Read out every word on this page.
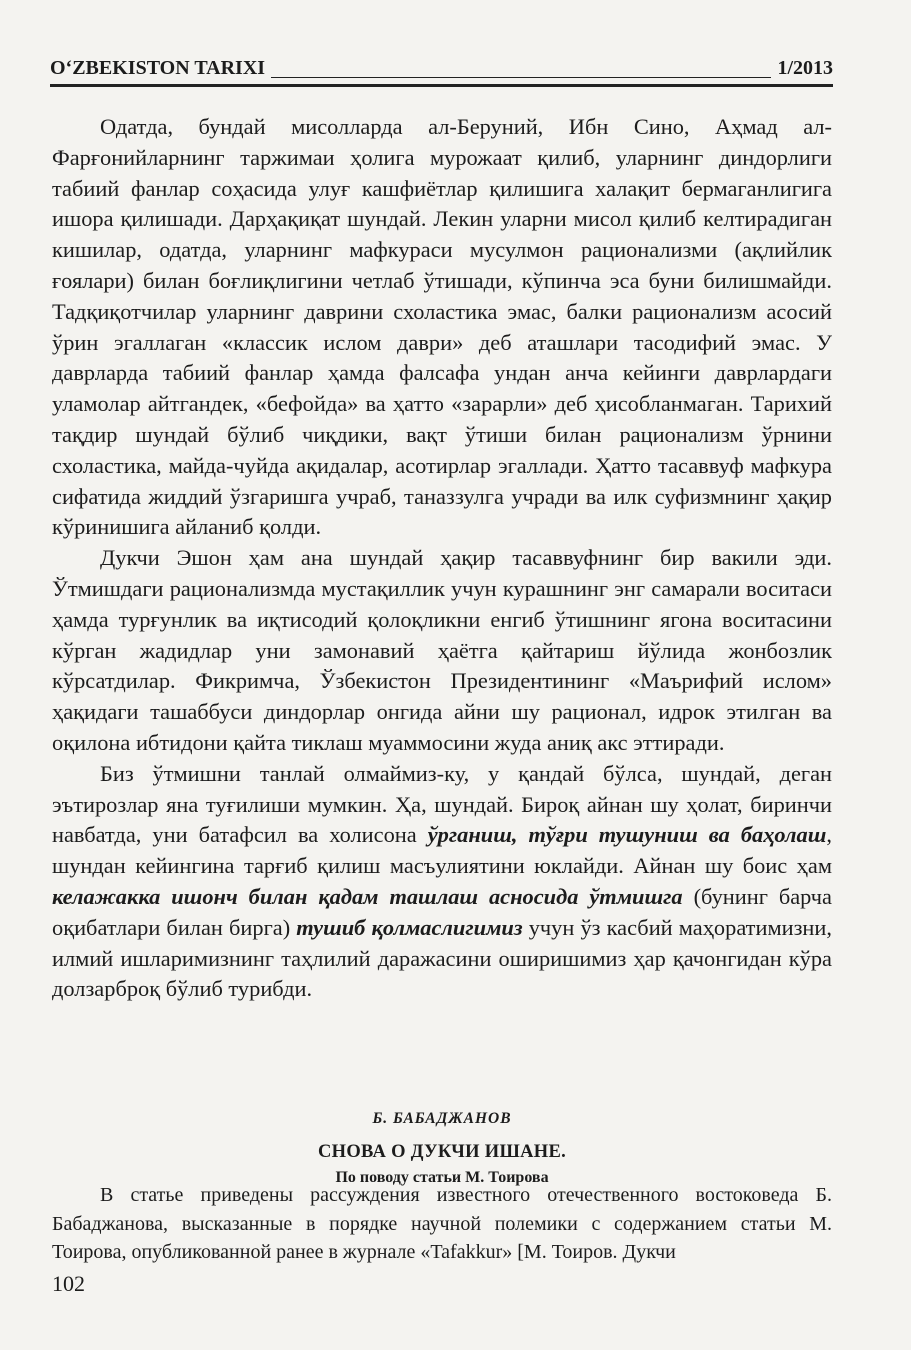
O‘ZBEKISTON TARIXI	1/2013

Одатда, бундай мисолларда ал-Беруний, Ибн Сино, Аҳмад ал-Фарғонийларнинг таржимаи ҳолига мурожаат қилиб, уларнинг диндорлиги табиий фанлар соҳасида улуғ кашфиётлар қилишига халақит бермаганлигига ишора қилишади. Дарҳақиқат шундай. Лекин уларни мисол қилиб келтирадиган кишилар, одатда, уларнинг мафкураси мусулмон рационализми (ақлийлик ғоялари) билан боғлиқлигини четлаб ўтишади, кўпинча эса буни билишмайди. Тадқиқотчилар уларнинг даврини схоластика эмас, балки рационализм асосий ўрин эгаллаган «классик ислом даври» деб аташлари тасодифий эмас. У даврларда табиий фанлар ҳамда фалсафа ундан анча кейинги даврлардаги уламолар айтгандек, «бефойда» ва ҳатто «зарарли» деб ҳисобланмаган. Тарихий тақдир шундай бўлиб чиқдики, вақт ўтиши билан рационализм ўрнини схоластика, майда-чуйда ақидалар, асотирлар эгаллади. Ҳатто тасаввуф мафкура сифатида жиддий ўзгаришга учраб, таназзулга учради ва илк суфизмнинг ҳақир кўринишига айланиб қолди.

Дукчи Эшон ҳам ана шундай ҳақир тасаввуфнинг бир вакили эди. Ўтмишдаги рационализмда мустақиллик учун курашнинг энг самарали воситаси ҳамда турғунлик ва иқтисодий қолоқликни енгиб ўтишнинг ягона воситасини кўрган жадидлар уни замонавий ҳаётга қайтариш йўлида жонбозлик кўрсатдилар. Фикримча, Ўзбекистон Президентининг «Маърифий ислом» ҳақидаги ташаббуси диндорлар онгида айни шу рационал, идрок этилган ва оқилона ибтидони қайта тиклаш муаммосини жуда аниқ акс эттиради.

Биз ўтмишни танлай олмаймиз-ку, у қандай бўлса, шундай, деган эътирозлар яна туғилиши мумкин. Ҳа, шундай. Бироқ айнан шу ҳолат, биринчи навбатда, уни батафсил ва холисона ўрганиш, тўғри тушуниш ва баҳолаш, шундан кейингина тарғиб қилиш масъулиятини юклайди. Айнан шу боис ҳам келажакка ишонч билан қадам ташлаш асносида ўтмишга (бунинг барча оқибатлари билан бирга) тушиб қолмаслигимиз учун ўз касбий маҳоратимизни, илмий ишларимизнинг таҳлилий даражасини оширишимиз ҳар қачонгидан кўра долзарброқ бўлиб турибди.

Б. БАБАДЖАНОВ
СНОВА О ДУКЧИ ИШАНЕ.
По поводу статьи М. Тоирова

В статье приведены рассуждения известного отечественного востоковеда Б. Бабаджанова, высказанные в порядке научной полемики с содержанием статьи М. Тоирова, опубликованной ранее в журнале «Tafakkur» [М. Тоиров. Дукчи

102
